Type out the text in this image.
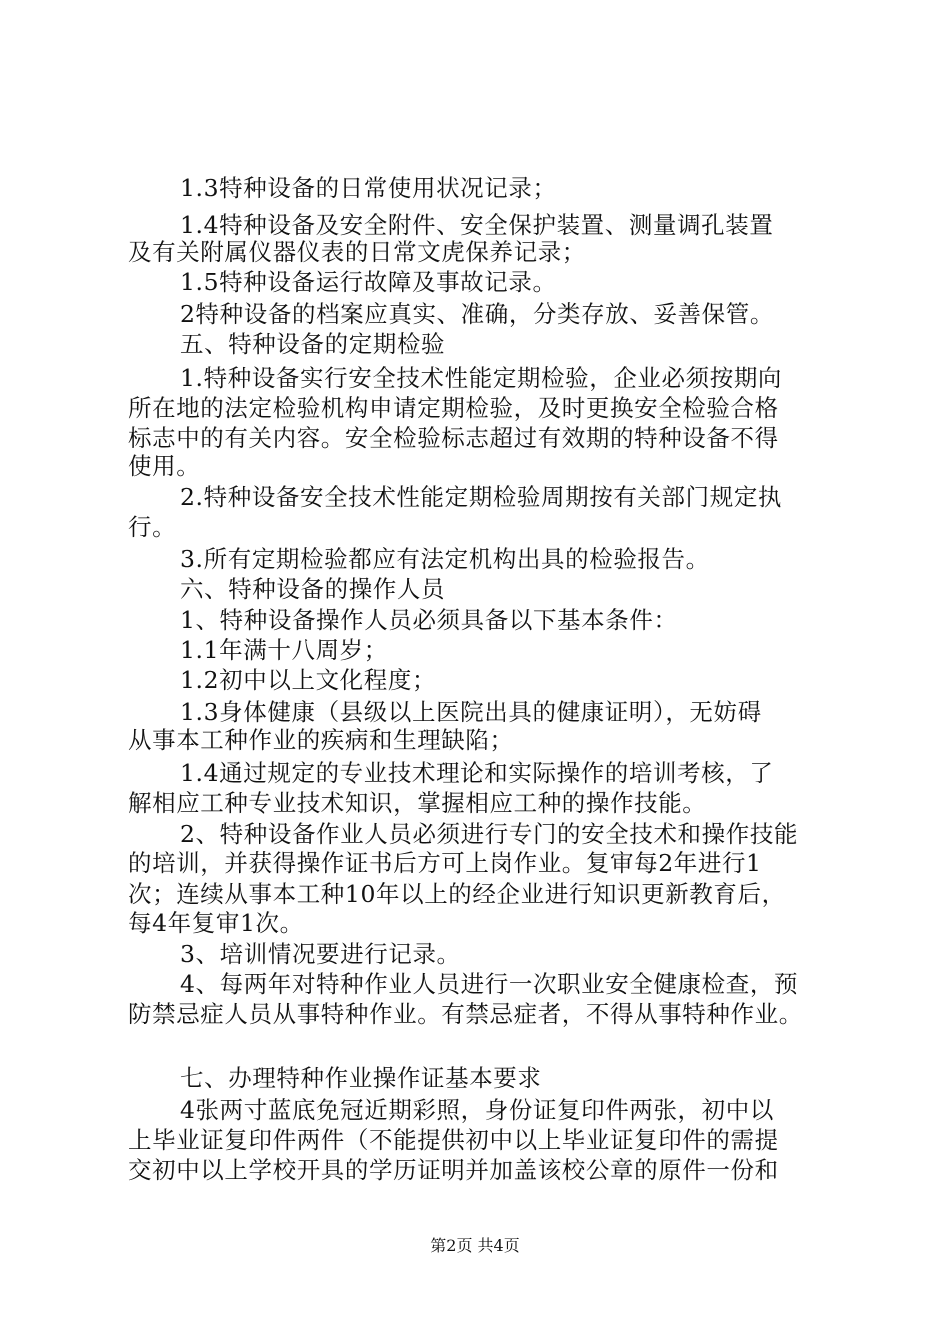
1.3特种设备的日常使用状况记录；
1.4特种设备及安全附件、安全保护装置、测量调孔装置
及有关附属仪器仪表的日常文虎保养记录；
1.5特种设备运行故障及事故记录。
2特种设备的档案应真实、准确，分类存放、妥善保管。
五、特种设备的定期检验
1.特种设备实行安全技术性能定期检验，企业必须按期向
所在地的法定检验机构申请定期检验，及时更换安全检验合格
标志中的有关内容。安全检验标志超过有效期的特种设备不得
使用。
2.特种设备安全技术性能定期检验周期按有关部门规定执
行。
3.所有定期检验都应有法定机构出具的检验报告。
六、特种设备的操作人员
1、特种设备操作人员必须具备以下基本条件：
1.1年满十八周岁；
1.2初中以上文化程度；
1.3身体健康（县级以上医院出具的健康证明），无妨碍
从事本工种作业的疾病和生理缺陷；
1.4通过规定的专业技术理论和实际操作的培训考核，了
解相应工种专业技术知识，掌握相应工种的操作技能。
2、特种设备作业人员必须进行专门的安全技术和操作技能
的培训，并获得操作证书后方可上岗作业。复审每2年进行1
次；连续从事本工种10年以上的经企业进行知识更新教育后，
每4年复审1次。
3、培训情况要进行记录。
4、每两年对特种作业人员进行一次职业安全健康检查，预
防禁忌症人员从事特种作业。有禁忌症者，不得从事特种作业。
七、办理特种作业操作证基本要求
4张两寸蓝底免冠近期彩照，身份证复印件两张，初中以
上毕业证复印件两件（不能提供初中以上毕业证复印件的需提
交初中以上学校开具的学历证明并加盖该校公章的原件一份和
第2页 共4页
